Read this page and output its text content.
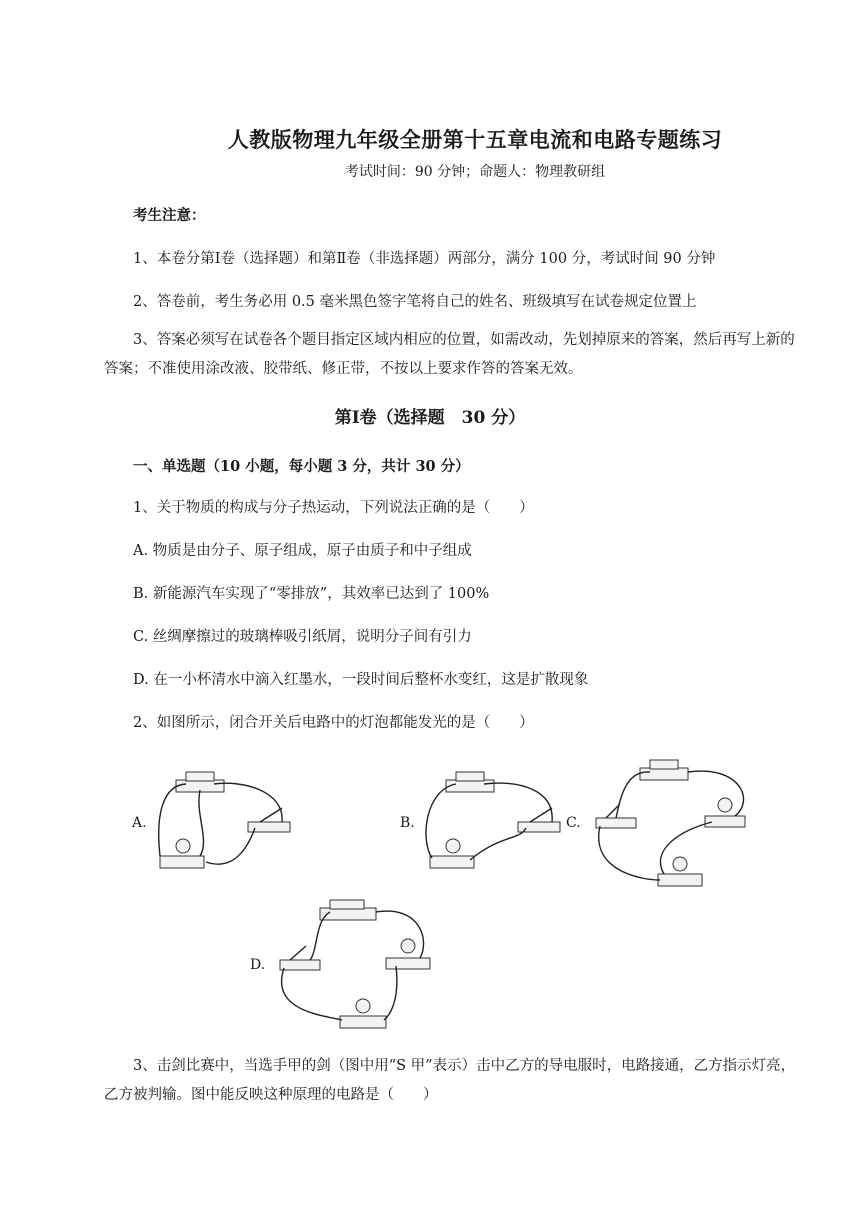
人教版物理九年级全册第十五章电流和电路专题练习
考试时间：90 分钟；命题人：物理教研组
考生注意：
1、本卷分第Ⅰ卷（选择题）和第Ⅱ卷（非选择题）两部分，满分 100 分，考试时间 90 分钟
2、答卷前，考生务必用 0.5 毫米黑色签字笔将自己的姓名、班级填写在试卷规定位置上
3、答案必须写在试卷各个题目指定区域内相应的位置，如需改动，先划掉原来的答案，然后再写上新的答案；不准使用涂改液、胶带纸、修正带，不按以上要求作答的答案无效。
第Ⅰ卷（选择题　30 分）
一、单选题（10 小题，每小题 3 分，共计 30 分）
1、关于物质的构成与分子热运动，下列说法正确的是（　　）
A. 物质是由分子、原子组成，原子由质子和中子组成
B. 新能源汽车实现了“零排放”，其效率已达到了 100%
C. 丝绸摩擦过的玻璃棒吸引纸屑，说明分子间有引力
D. 在一小杯清水中滴入红墨水，一段时间后整杯水变红，这是扩散现象
2、如图所示，闭合开关后电路中的灯泡都能发光的是（　　）
A.	B.	C.
D.
3、击剑比赛中，当选手甲的剑（图中用“S 甲”表示）击中乙方的导电服时，电路接通，乙方指示灯亮，乙方被判输。图中能反映这种原理的电路是（　　）
